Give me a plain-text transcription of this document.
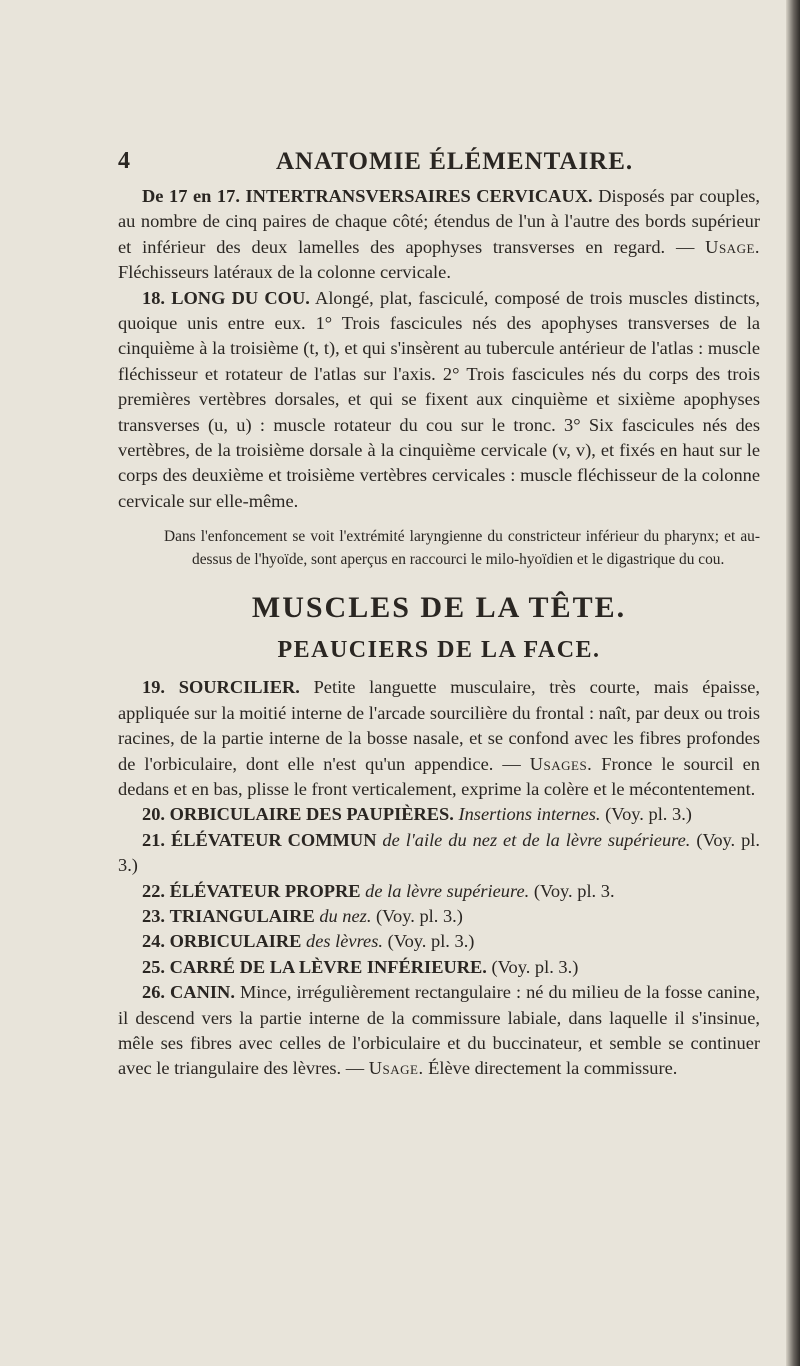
4	ANATOMIE ÉLÉMENTAIRE.

De 17 en 17. INTERTRANSVERSAIRES CERVICAUX. Disposés par couples, au nombre de cinq paires de chaque côté; étendus de l'un à l'autre des bords supérieur et inférieur des deux lamelles des apophyses transverses en regard. — Usage. Fléchisseurs latéraux de la colonne cervicale.

18. LONG DU COU. Alongé, plat, fasciculé, composé de trois muscles distincts, quoique unis entre eux. 1° Trois fascicules nés des apophyses transverses de la cinquième à la troisième (t, t), et qui s'insèrent au tubercule antérieur de l'atlas : muscle fléchisseur et rotateur de l'atlas sur l'axis. 2° Trois fascicules nés du corps des trois premières vertèbres dorsales, et qui se fixent aux cinquième et sixième apophyses transverses (u, u) : muscle rotateur du cou sur le tronc. 3° Six fascicules nés des vertèbres, de la troisième dorsale à la cinquième cervicale (v, v), et fixés en haut sur le corps des deuxième et troisième vertèbres cervicales : muscle fléchisseur de la colonne cervicale sur elle-même.

Dans l'enfoncement se voit l'extrémité laryngienne du constricteur inférieur du pharynx; et au-dessus de l'hyoïde, sont aperçus en raccourci le milo-hyoïdien et le digastrique du cou.

MUSCLES DE LA TÊTE.
PEAUCIERS DE LA FACE.

19. SOURCILIER. Petite languette musculaire, très courte, mais épaisse, appliquée sur la moitié interne de l'arcade sourcilière du frontal : naît, par deux ou trois racines, de la partie interne de la bosse nasale, et se confond avec les fibres profondes de l'orbiculaire, dont elle n'est qu'un appendice. — Usages. Fronce le sourcil en dedans et en bas, plisse le front verticalement, exprime la colère et le mécontentement.

20. ORBICULAIRE DES PAUPIÈRES. Insertions internes. (Voy. pl. 3.)

21. ÉLÉVATEUR COMMUN de l'aile du nez et de la lèvre supérieure. (Voy. pl. 3.)

22. ÉLÉVATEUR PROPRE de la lèvre supérieure. (Voy. pl. 3.

23. TRIANGULAIRE du nez. (Voy. pl. 3.)

24. ORBICULAIRE des lèvres. (Voy. pl. 3.)

25. CARRÉ DE LA LÈVRE INFÉRIEURE. (Voy. pl. 3.)

26. CANIN. Mince, irrégulièrement rectangulaire : né du milieu de la fosse canine, il descend vers la partie interne de la commissure labiale, dans laquelle il s'insinue, mêle ses fibres avec celles de l'orbiculaire et du buccinateur, et semble se continuer avec le triangulaire des lèvres. — Usage. Élève directement la commissure.
